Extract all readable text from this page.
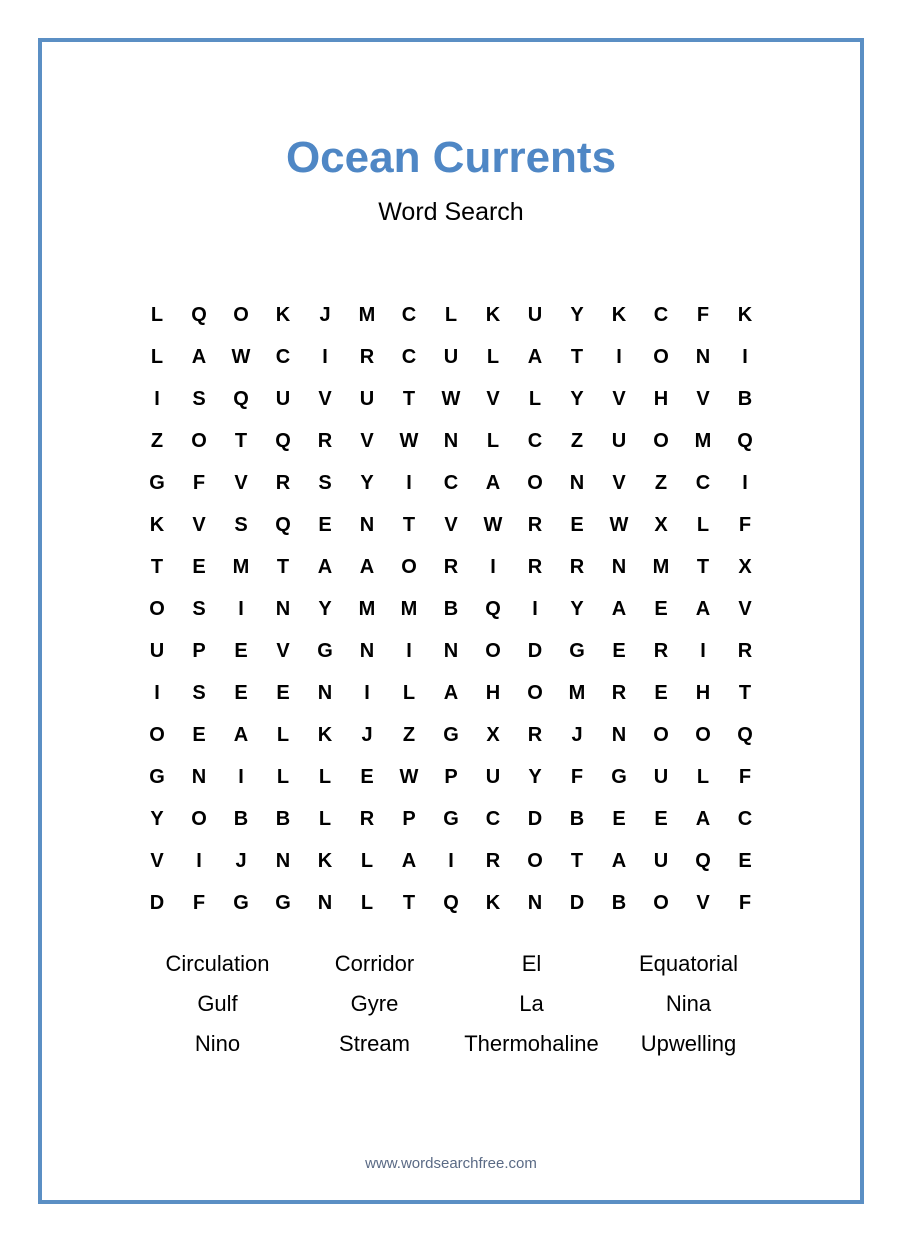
Ocean Currents
Word Search
L	Q	O	K	J	M	C	L	K	U	Y	K	C	F	K
L	A	W	C	I	R	C	U	L	A	T	I	O	N	I
I	S	Q	U	V	U	T	W	V	L	Y	V	H	V	B
Z	O	T	Q	R	V	W	N	L	C	Z	U	O	M	Q
G	F	V	R	S	Y	I	C	A	O	N	V	Z	C	I
K	V	S	Q	E	N	T	V	W	R	E	W	X	L	F
T	E	M	T	A	A	O	R	I	R	R	N	M	T	X
O	S	I	N	Y	M	M	B	Q	I	Y	A	E	A	V
U	P	E	V	G	N	I	N	O	D	G	E	R	I	R
I	S	E	E	N	I	L	A	H	O	M	R	E	H	T
O	E	A	L	K	J	Z	G	X	R	J	N	O	O	Q
G	N	I	L	L	E	W	P	U	Y	F	G	U	L	F
Y	O	B	B	L	R	P	G	C	D	B	E	E	A	C
V	I	J	N	K	L	A	I	R	O	T	A	U	Q	E
D	F	G	G	N	L	T	Q	K	N	D	B	O	V	F
Circulation	Corridor	El	Equatorial
Gulf	Gyre	La	Nina
Nino	Stream	Thermohaline	Upwelling
www.wordsearchfree.com
